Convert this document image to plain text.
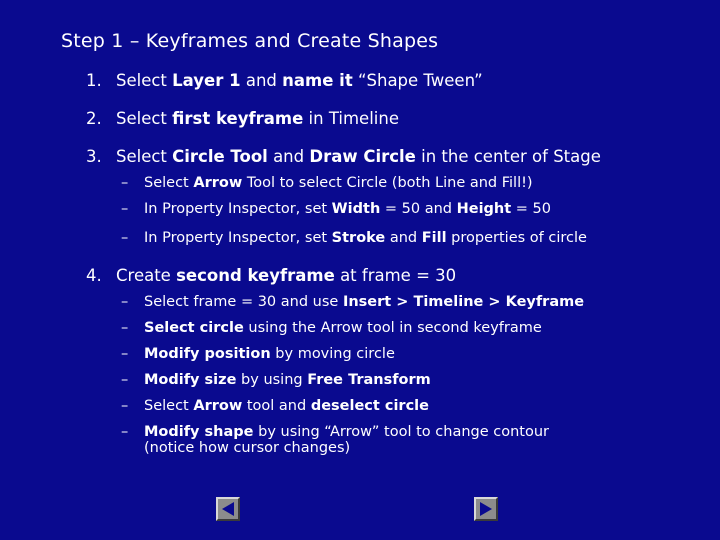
Step 1 – Keyframes and Create Shapes
1. Select Layer 1 and name it “Shape Tween”
2. Select first keyframe in Timeline
3. Select Circle Tool and Draw Circle in the center of Stage
– Select Arrow Tool to select Circle (both Line and Fill!)
– In Property Inspector, set Width = 50 and Height = 50
– In Property Inspector, set Stroke and Fill properties of circle
4. Create second keyframe at frame = 30
– Select frame = 30 and use Insert > Timeline > Keyframe
– Select circle using the Arrow tool in second keyframe
– Modify position by moving circle
– Modify size by using Free Transform
– Select Arrow tool and deselect circle
– Modify shape by using “Arrow” tool to change contour
(notice how cursor changes)
